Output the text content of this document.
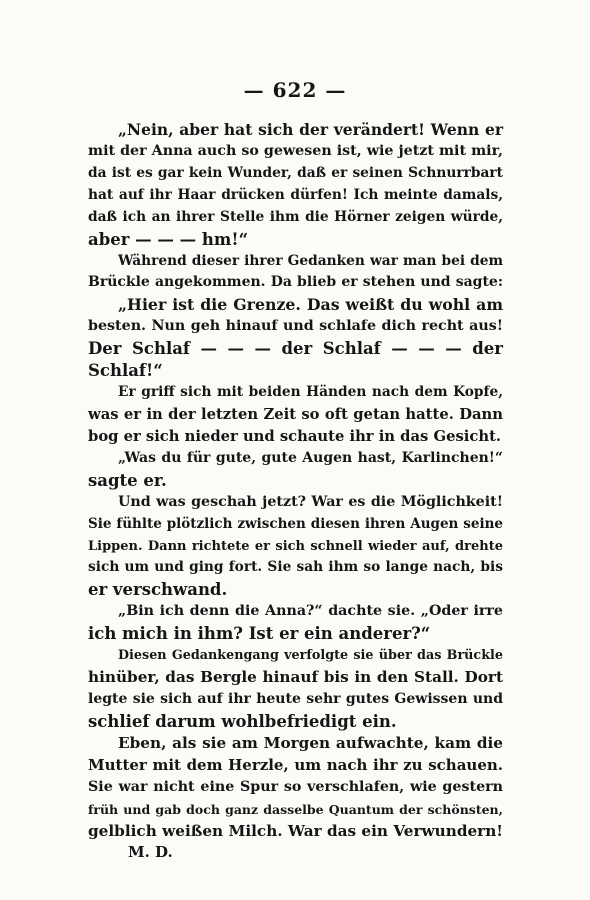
— 622 —
„Nein, aber hat sich der verändert! Wenn er
mit der Anna auch so gewesen ist, wie jetzt mit mir,
da ist es gar kein Wunder, daß er seinen Schnurrbart
hat auf ihr Haar drücken dürfen! Ich meinte damals,
daß ich an ihrer Stelle ihm die Hörner zeigen würde,
aber — — — hm!“
Während dieser ihrer Gedanken war man bei dem
Brückle angekommen. Da blieb er stehen und sagte:
„Hier ist die Grenze. Das weißt du wohl am
besten. Nun geh hinauf und schlafe dich recht aus!
Der Schlaf — — — der Schlaf — — — der
Schlaf!“
Er griff sich mit beiden Händen nach dem Kopfe,
was er in der letzten Zeit so oft getan hatte. Dann
bog er sich nieder und schaute ihr in das Gesicht.
„Was du für gute, gute Augen hast, Karlinchen!“
sagte er.
Und was geschah jetzt? War es die Möglichkeit!
Sie fühlte plötzlich zwischen diesen ihren Augen seine
Lippen. Dann richtete er sich schnell wieder auf, drehte
sich um und ging fort. Sie sah ihm so lange nach, bis
er verschwand.
„Bin ich denn die Anna?“ dachte sie. „Oder irre
ich mich in ihm? Ist er ein anderer?“
Diesen Gedankengang verfolgte sie über das Brückle
hinüber, das Bergle hinauf bis in den Stall. Dort
legte sie sich auf ihr heute sehr gutes Gewissen und
schlief darum wohlbefriedigt ein.
Eben, als sie am Morgen aufwachte, kam die
Mutter mit dem Herzle, um nach ihr zu schauen.
Sie war nicht eine Spur so verschlafen, wie gestern
früh und gab doch ganz dasselbe Quantum der schönsten,
gelblich weißen Milch. War das ein Verwundern!
M. D.
